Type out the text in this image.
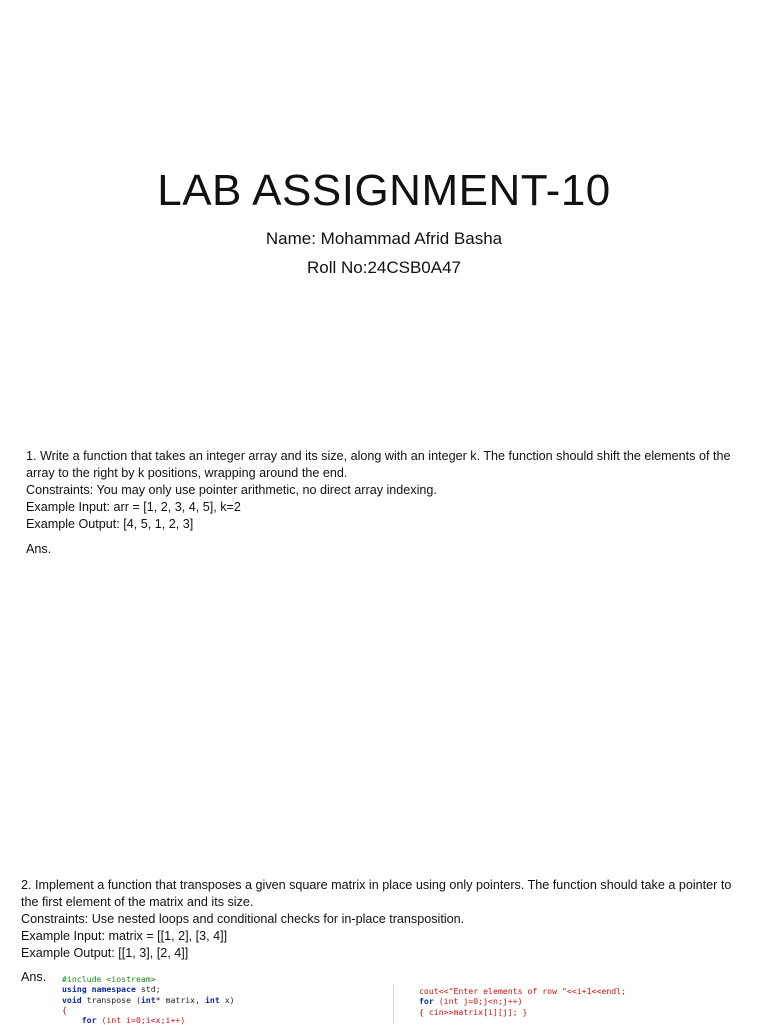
LAB ASSIGNMENT-10
Name: Mohammad Afrid Basha
Roll No:24CSB0A47
1. Write a function that takes an integer array and its size, along with an integer k. The function should shift the elements of the array to the right by k positions, wrapping around the end.
Constraints: You may only use pointer arithmetic, no direct array indexing.
Example Input: arr = [1, 2, 3, 4, 5], k=2
Example Output: [4, 5, 1, 2, 3]
Ans.
2. Implement a function that transposes a given square matrix in place using only pointers. The function should take a pointer to the first element of the matrix and its size.
Constraints: Use nested loops and conditional checks for in-place transposition.
Example Input: matrix = [[1, 2], [3, 4]]
Example Output: [[1, 3], [2, 4]]
Ans. #include <iostream>
using namespace std;
void transpose (int* matrix, int x)
{
for (int i=0;i<x;i++)
cout<<"Enter elements of row "<<i+1<<endl;
for (int j=0;j<n;j++)
{ cin>>matrix[i][j]; }
